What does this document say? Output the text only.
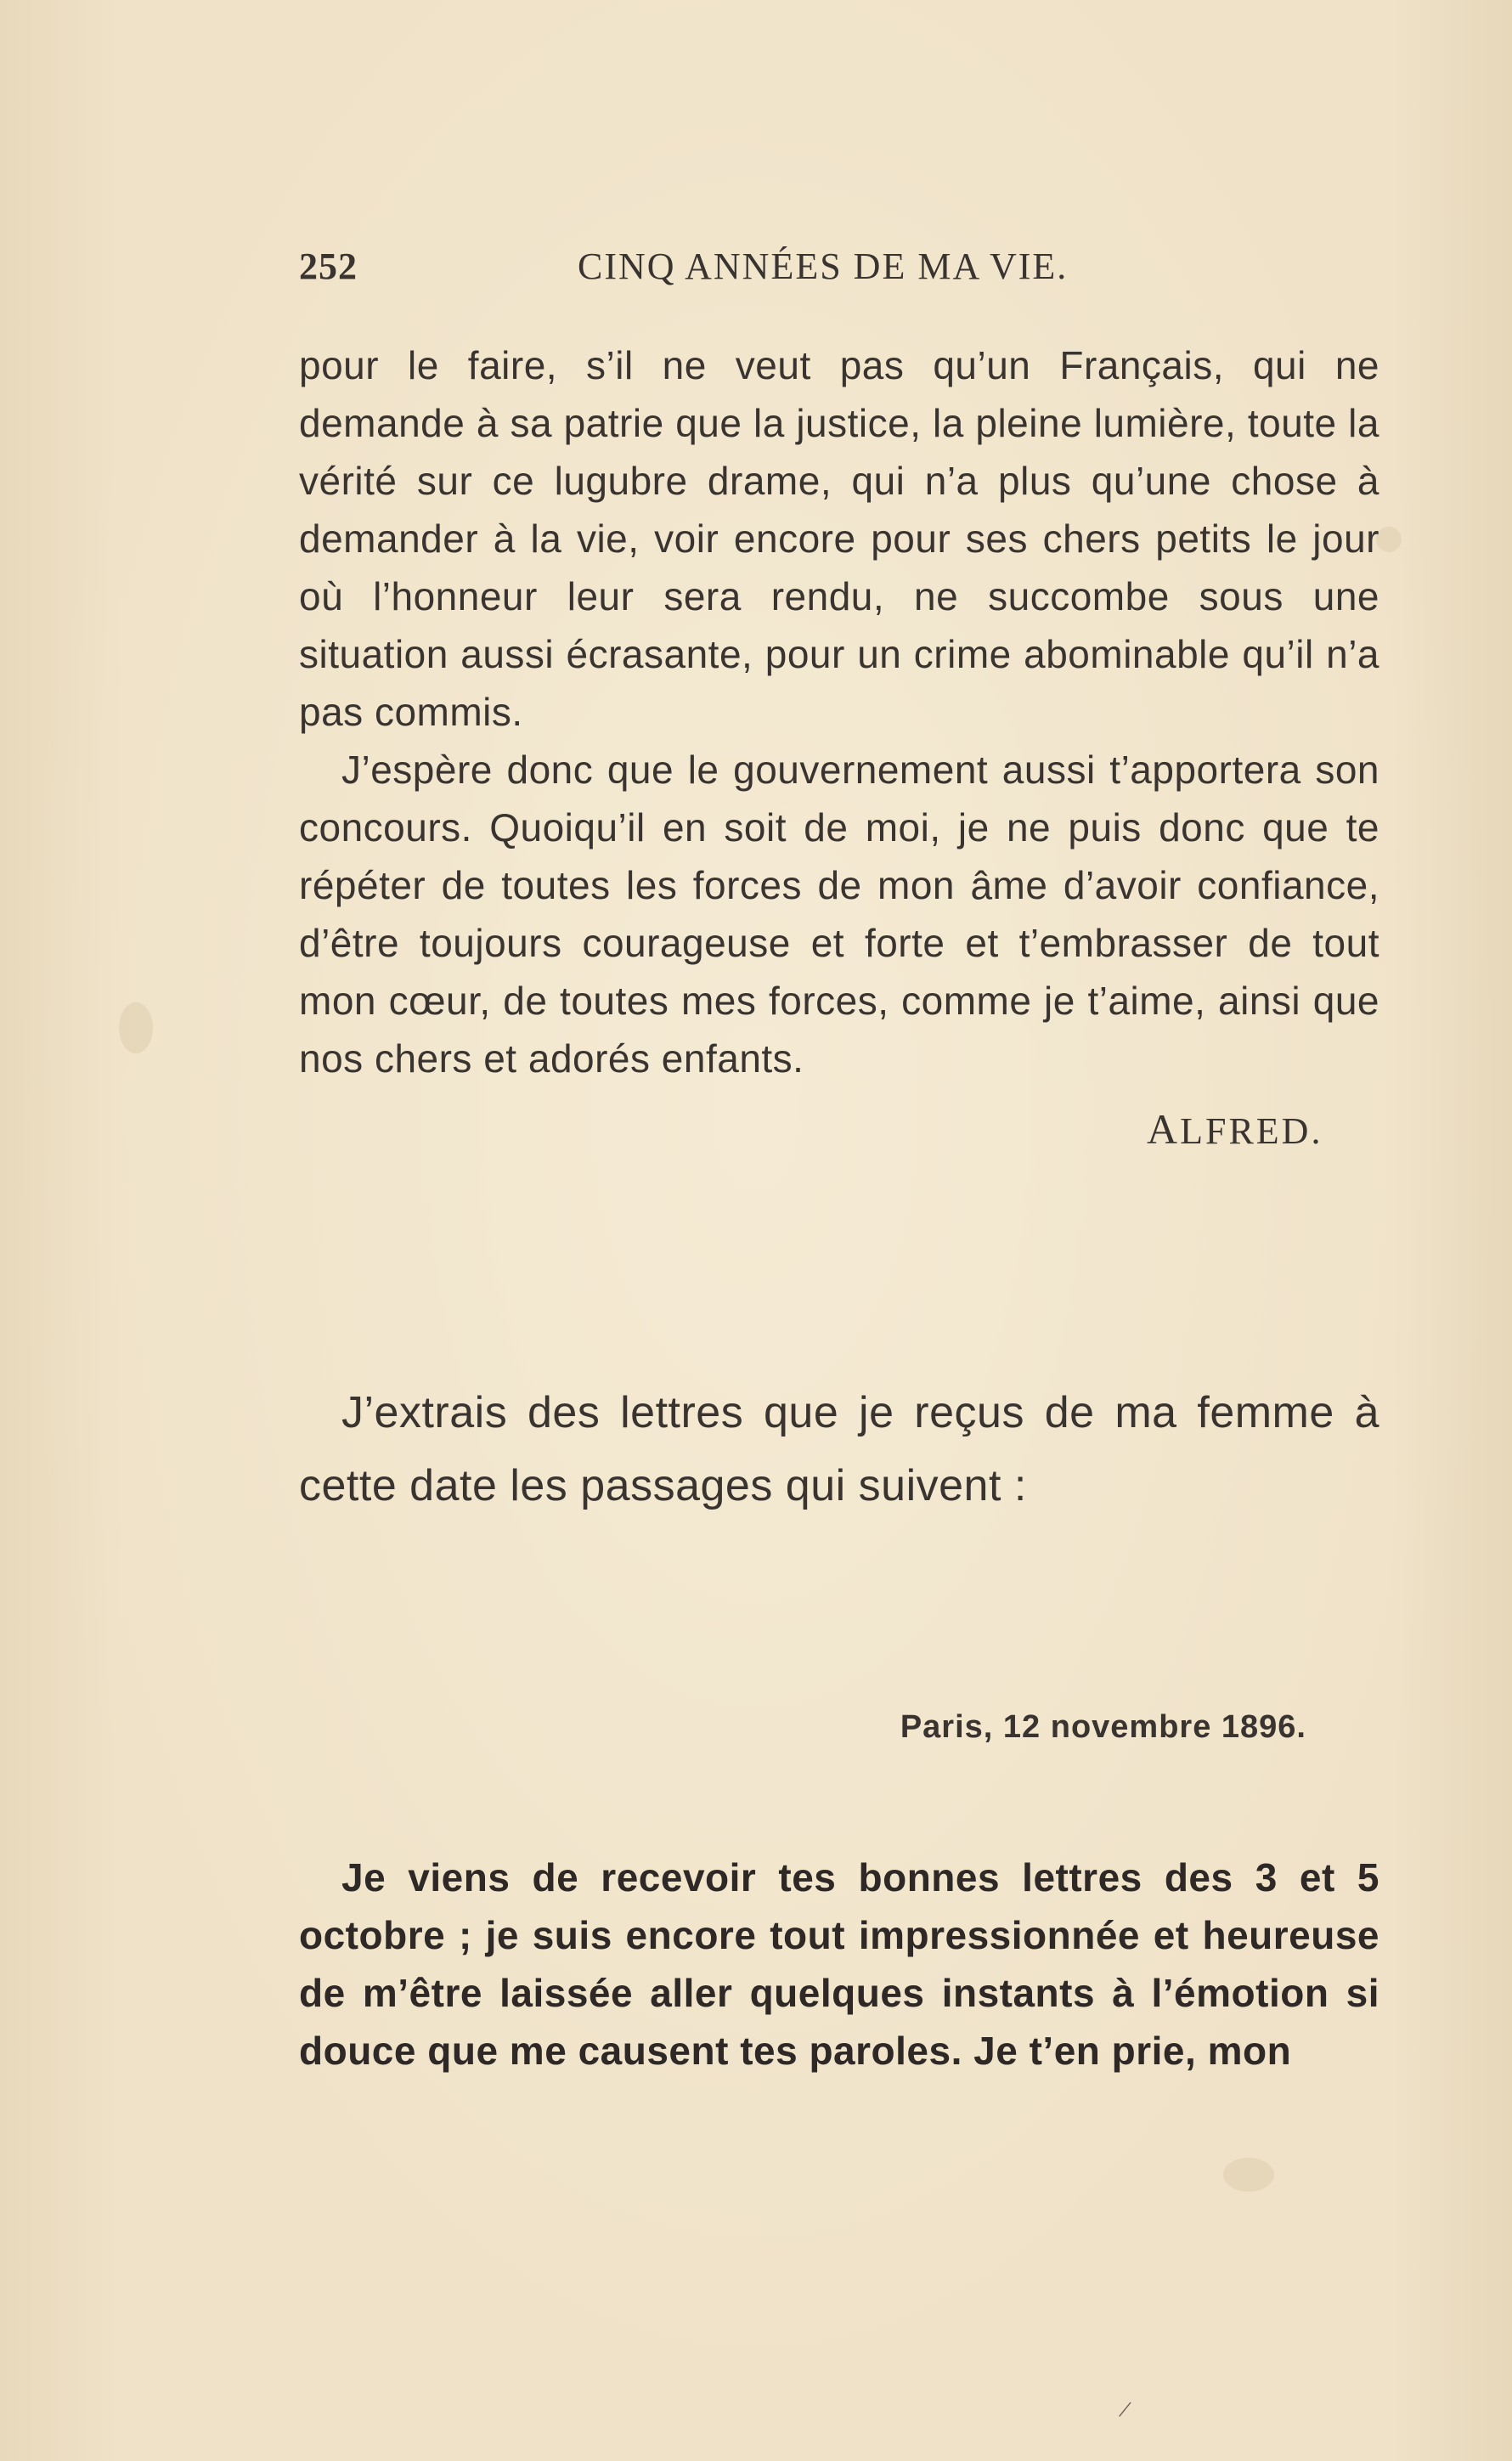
252	CINQ ANNÉES DE MA VIE.

pour le faire, s’il ne veut pas qu’un Français, qui ne demande à sa patrie que la justice, la pleine lumière, toute la vérité sur ce lugubre drame, qui n’a plus qu’une chose à demander à la vie, voir encore pour ses chers petits le jour où l’honneur leur sera rendu, ne succombe sous une situation aussi écrasante, pour un crime abominable qu’il n’a pas commis.

J’espère donc que le gouvernement aussi t’apportera son concours. Quoiqu’il en soit de moi, je ne puis donc que te répéter de toutes les forces de mon âme d’avoir confiance, d’être toujours courageuse et forte et t’embrasser de tout mon cœur, de toutes mes forces, comme je t’aime, ainsi que nos chers et adorés enfants.

ALFRED.

J’extrais des lettres que je reçus de ma femme à cette date les passages qui suivent :

Paris, 12 novembre 1896.

Je viens de recevoir tes bonnes lettres des 3 et 5 octobre ; je suis encore tout impressionnée et heureuse de m’être laissée aller quelques instants à l’émotion si douce que me causent tes paroles. Je t’en prie, mon

/
